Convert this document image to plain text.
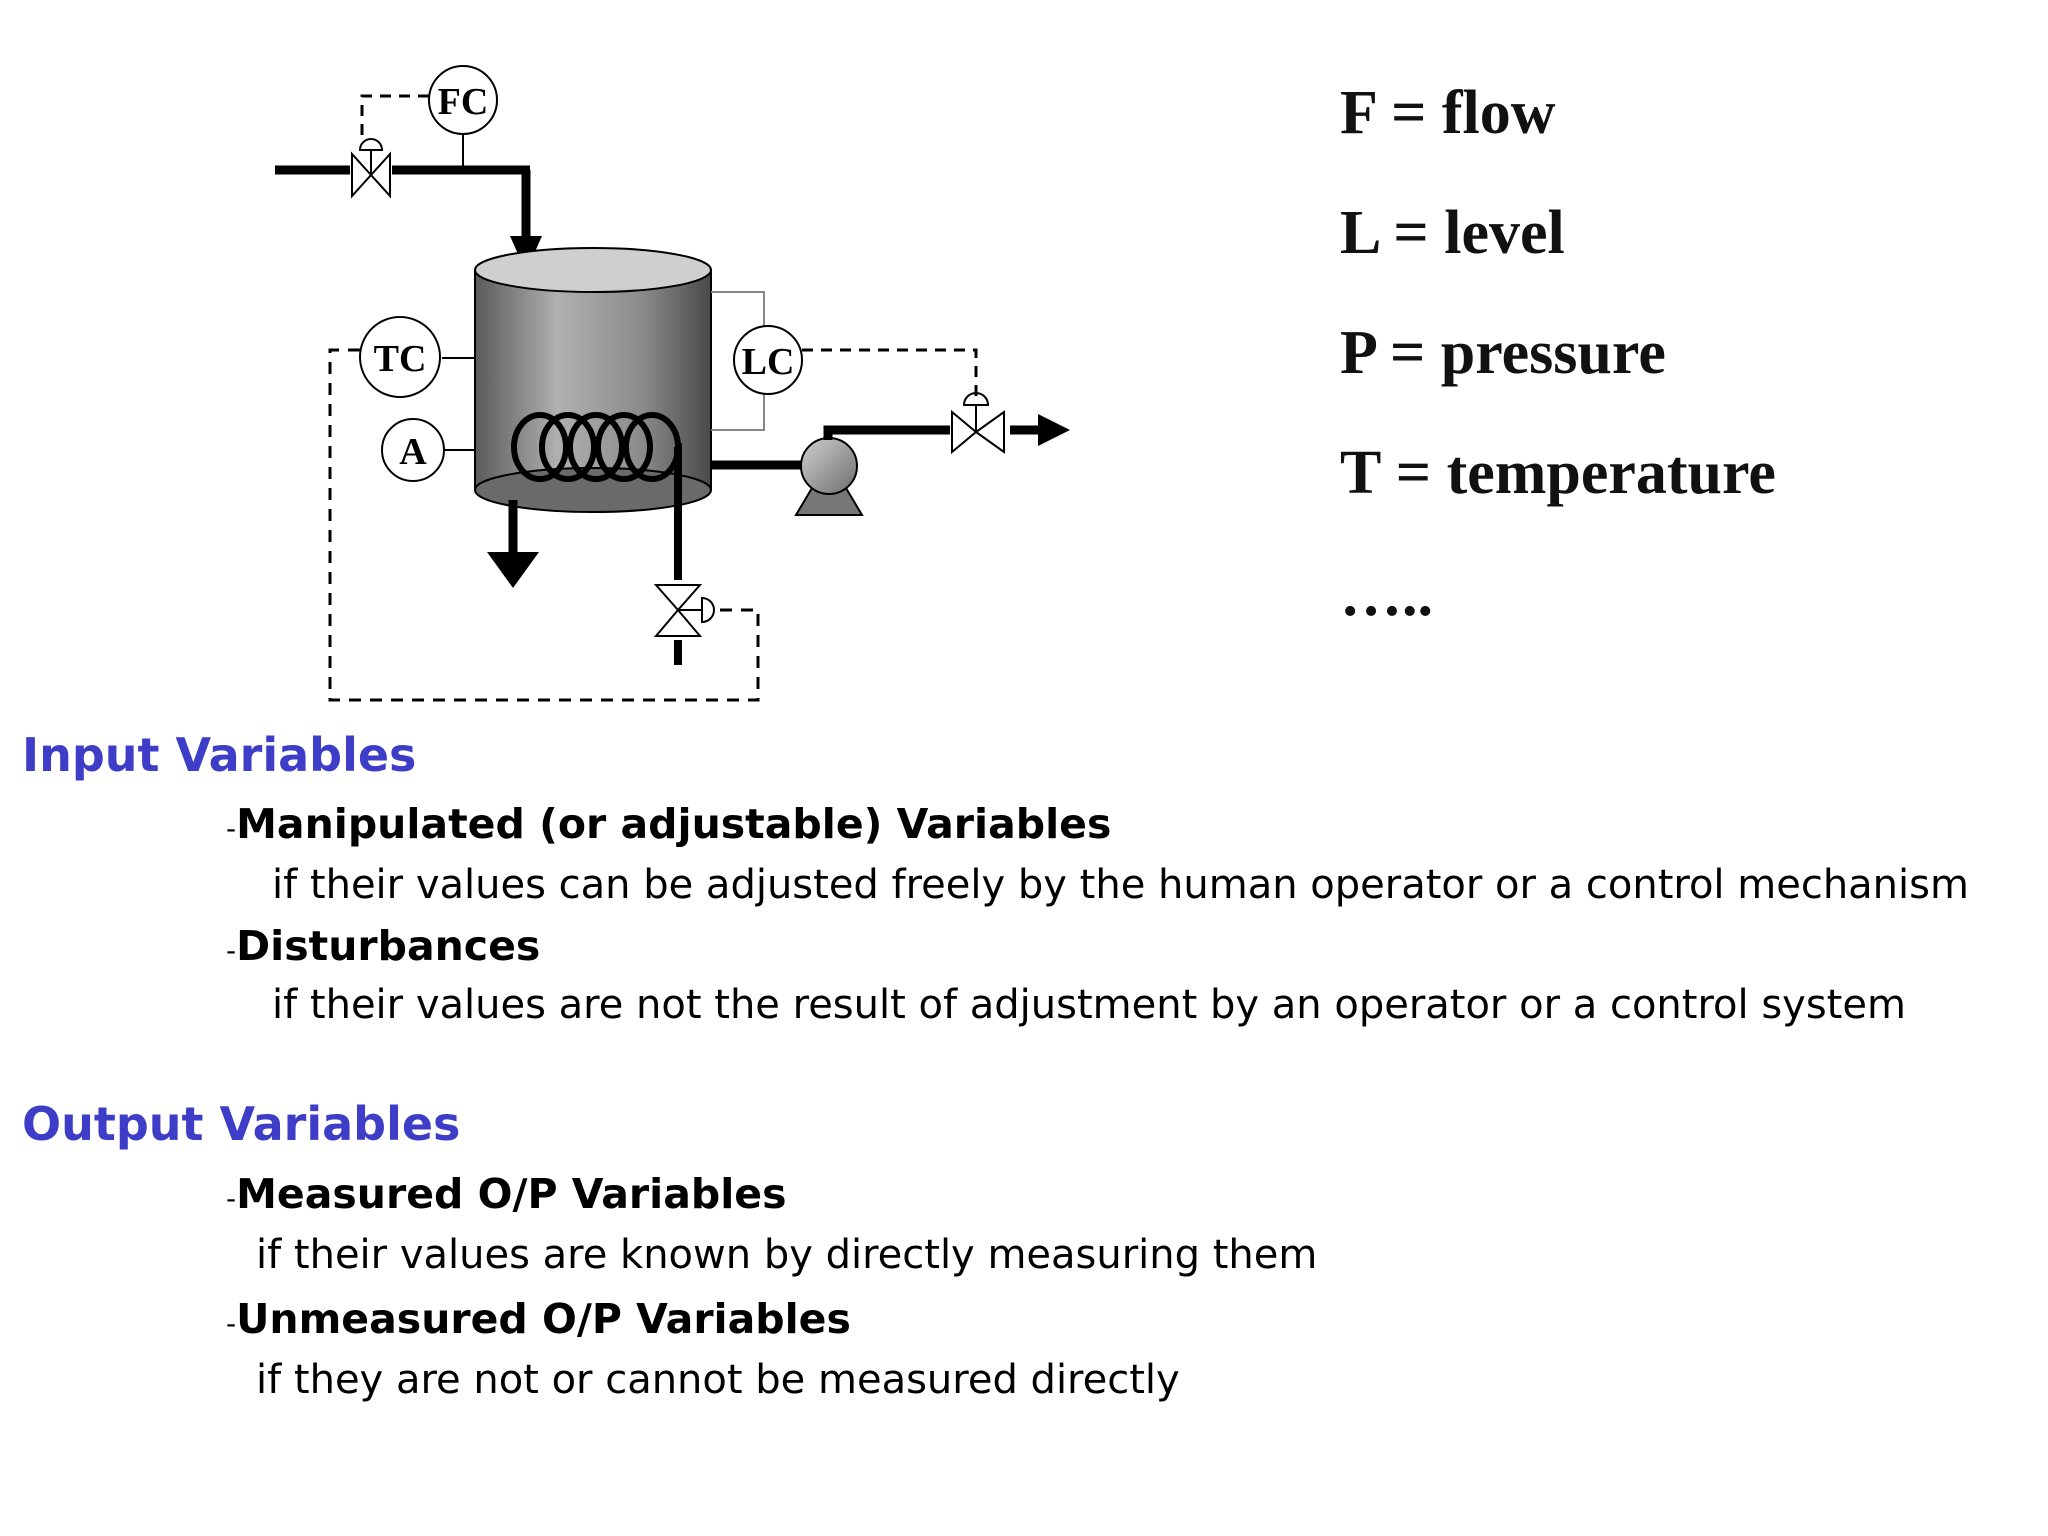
FC
LC
TC
A
F = flow
L = level
P = pressure
T = temperature
…..
Input Variables
-Manipulated (or adjustable) Variables
if their values can be adjusted freely by the human operator or a control mechanism
-Disturbances
if their values are not the result of adjustment by an operator or a control system
Output Variables
-Measured O/P Variables
if their values are known by directly measuring them
-Unmeasured O/P Variables
if they are not or cannot be measured directly
